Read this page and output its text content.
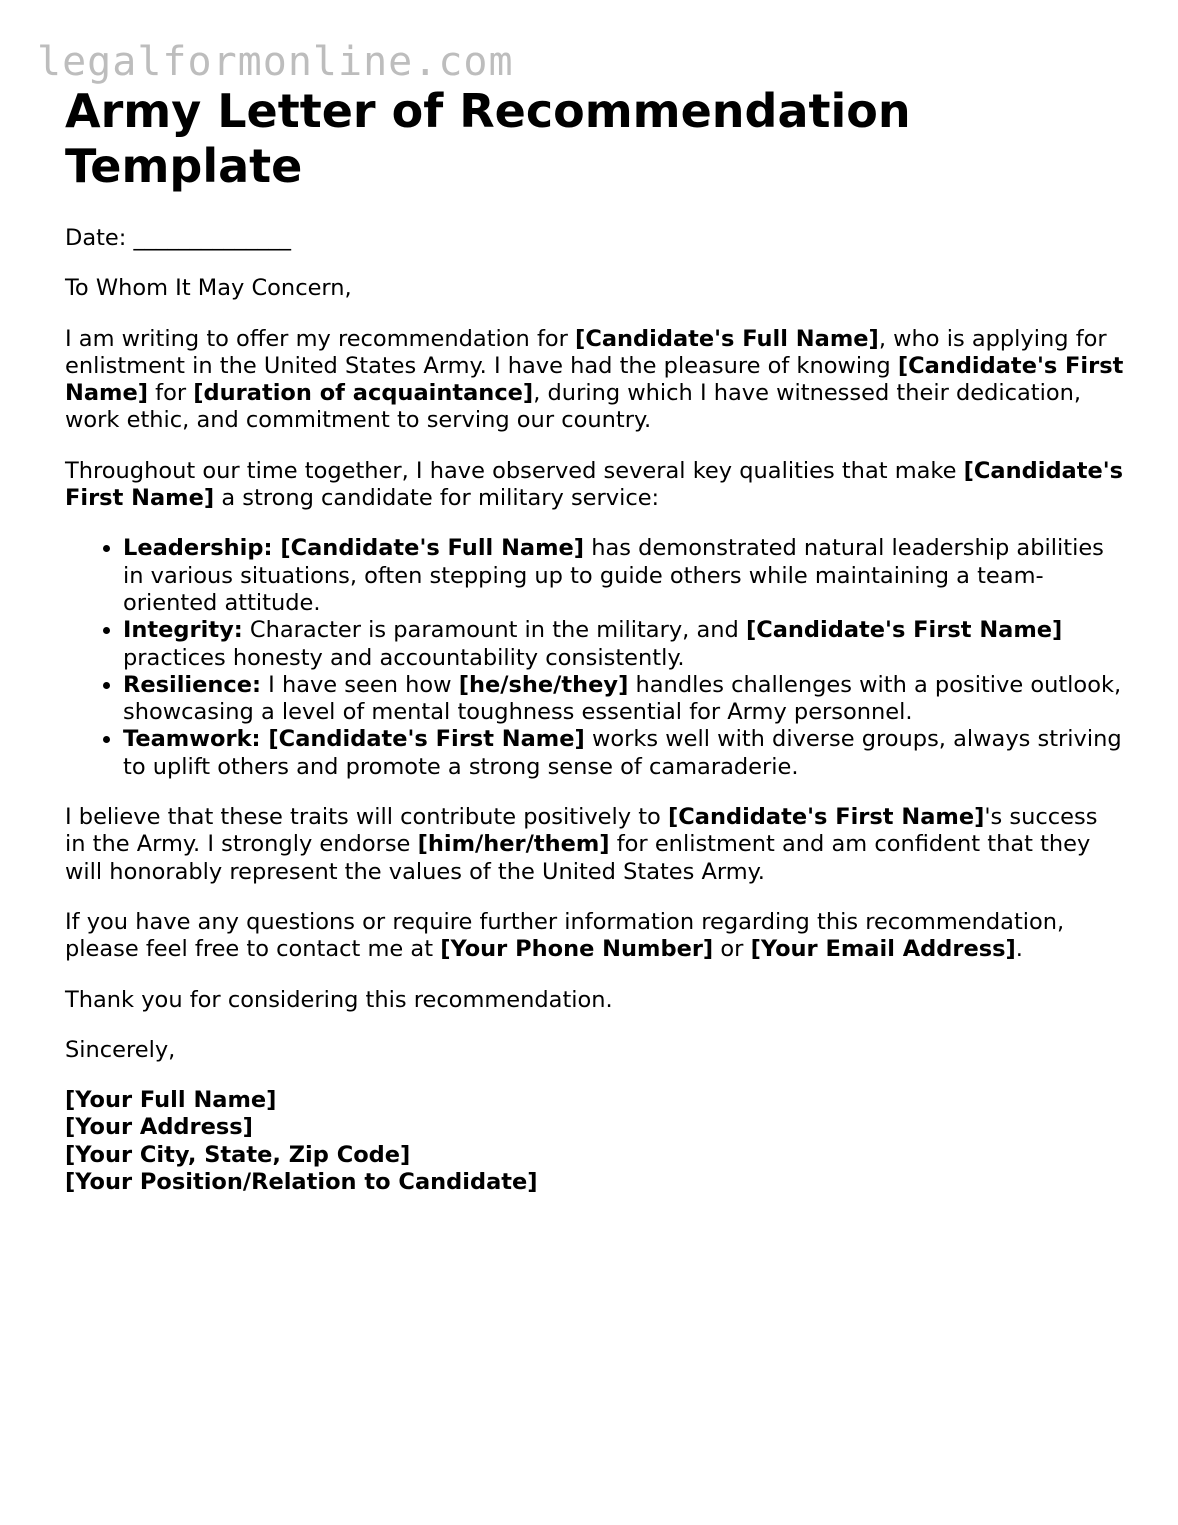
legalformonline.com
Army Letter of Recommendation Template

Date: ______________

To Whom It May Concern,

I am writing to offer my recommendation for [Candidate's Full Name], who is applying for enlistment in the United States Army. I have had the pleasure of knowing [Candidate's First Name] for [duration of acquaintance], during which I have witnessed their dedication, work ethic, and commitment to serving our country.

Throughout our time together, I have observed several key qualities that make [Candidate's First Name] a strong candidate for military service:

• Leadership: [Candidate's Full Name] has demonstrated natural leadership abilities in various situations, often stepping up to guide others while maintaining a team-oriented attitude.
• Integrity: Character is paramount in the military, and [Candidate's First Name] practices honesty and accountability consistently.
• Resilience: I have seen how [he/she/they] handles challenges with a positive outlook, showcasing a level of mental toughness essential for Army personnel.
• Teamwork: [Candidate's First Name] works well with diverse groups, always striving to uplift others and promote a strong sense of camaraderie.

I believe that these traits will contribute positively to [Candidate's First Name]'s success in the Army. I strongly endorse [him/her/them] for enlistment and am confident that they will honorably represent the values of the United States Army.

If you have any questions or require further information regarding this recommendation, please feel free to contact me at [Your Phone Number] or [Your Email Address].

Thank you for considering this recommendation.

Sincerely,

[Your Full Name]

[Your Address]

[Your City, State, Zip Code]

[Your Position/Relation to Candidate]
